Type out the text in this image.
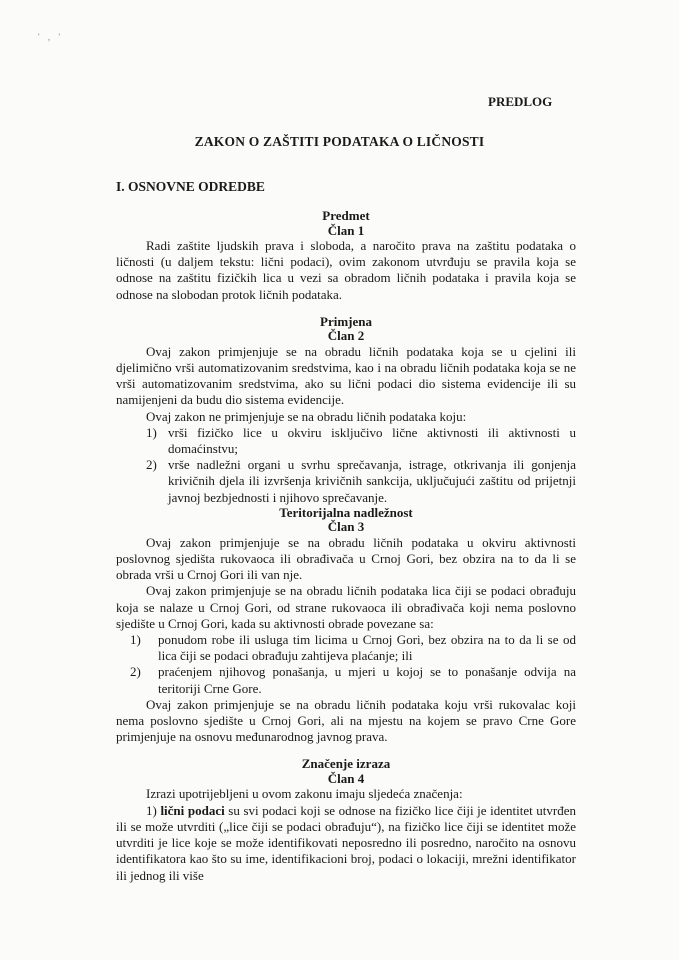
' , '
PREDLOG
ZAKON O ZAŠTITI PODATAKA O LIČNOSTI
I. OSNOVNE ODREDBE
Predmet
Član 1
Radi zaštite ljudskih prava i sloboda, a naročito prava na zaštitu podataka o ličnosti (u daljem tekstu: lični podaci), ovim zakonom utvrđuju se pravila koja se odnose na zaštitu fizičkih lica u vezi sa obradom ličnih podataka i pravila koja se odnose na slobodan protok ličnih podataka.
Primjena
Član 2
Ovaj zakon primjenjuje se na obradu ličnih podataka koja se u cjelini ili djelimično vrši automatizovanim sredstvima, kao i na obradu ličnih podataka koja se ne vrši automatizovanim sredstvima, ako su lični podaci dio sistema evidencije ili su namijenjeni da budu dio sistema evidencije.
Ovaj zakon ne primjenjuje se na obradu ličnih podataka koju:
1) vrši fizičko lice u okviru isključivo lične aktivnosti ili aktivnosti u domaćinstvu;
2) vrše nadležni organi u svrhu sprečavanja, istrage, otkrivanja ili gonjenja krivičnih djela ili izvršenja krivičnih sankcija, uključujući zaštitu od prijetnji javnoj bezbjednosti i njihovo sprečavanje.
Teritorijalna nadležnost
Član 3
Ovaj zakon primjenjuje se na obradu ličnih podataka u okviru aktivnosti poslovnog sjedišta rukovaoca ili obrađivača u Crnoj Gori, bez obzira na to da li se obrada vrši u Crnoj Gori ili van nje.
Ovaj zakon primjenjuje se na obradu ličnih podataka lica čiji se podaci obrađuju koja se nalaze u Crnoj Gori, od strane rukovaoca ili obrađivača koji nema poslovno sjedište u Crnoj Gori, kada su aktivnosti obrade povezane sa:
1)	ponudom robe ili usluga tim licima u Crnoj Gori, bez obzira na to da li se od lica čiji se podaci obrađuju zahtijeva plaćanje; ili
2)	praćenjem njihovog ponašanja, u mjeri u kojoj se to ponašanje odvija na teritoriji Crne Gore.
Ovaj zakon primjenjuje se na obradu ličnih podataka koju vrši rukovalac koji nema poslovno sjedište u Crnoj Gori, ali na mjestu na kojem se pravo Crne Gore primjenjuje na osnovu međunarodnog javnog prava.
Značenje izraza
Član 4
Izrazi upotrijebljeni u ovom zakonu imaju sljedeća značenja:
1) lični podaci su svi podaci koji se odnose na fizičko lice čiji je identitet utvrđen ili se može utvrditi („lice čiji se podaci obrađuju“), na fizičko lice čiji se identitet može utvrditi je lice koje se može identifikovati neposredno ili posredno, naročito na osnovu identifikatora kao što su ime, identifikacioni broj, podaci o lokaciji, mrežni identifikator ili jednog ili više
